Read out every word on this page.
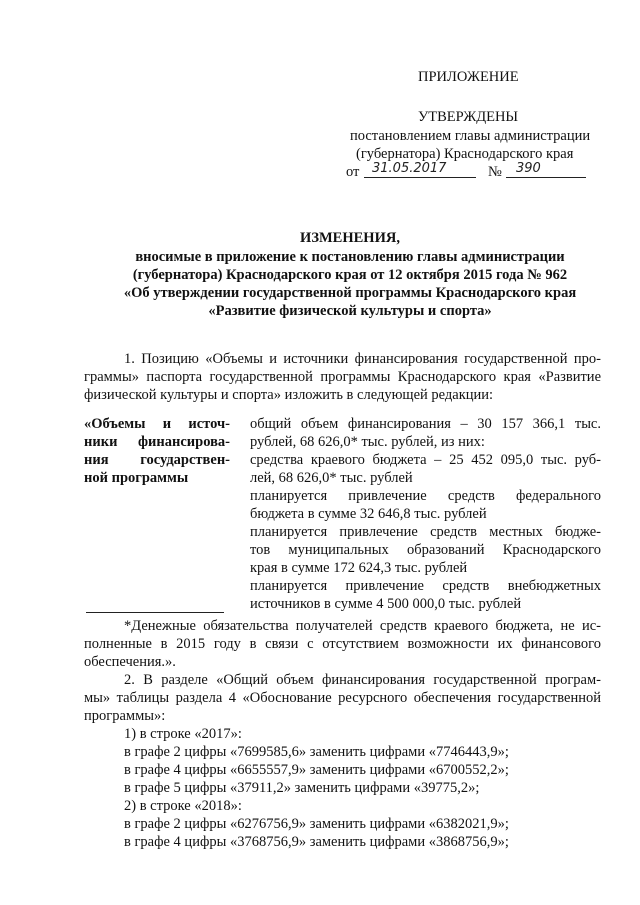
ПРИЛОЖЕНИЕ
УТВЕРЖДЕНЫ
постановлением главы администрации
(губернатора) Краснодарского края
от 31.05.2017	№ 390
ИЗМЕНЕНИЯ,
вносимые в приложение к постановлению главы администрации
(губернатора) Краснодарского края от 12 октября 2015 года № 962
«Об утверждении государственной программы Краснодарского края
«Развитие физической культуры и спорта»
1. Позицию «Объемы и источники финансирования государственной про-
граммы» паспорта государственной программы Краснодарского края «Развитие
физической культуры и спорта» изложить в следующей редакции:
«Объемы и источ-
ники финансирова-
ния государствен-
ной программы
общий объем финансирования – 30 157 366,1 тыс.
рублей, 68 626,0* тыс. рублей, из них:
средства краевого бюджета – 25 452 095,0 тыс. руб-
лей, 68 626,0* тыс. рублей
планируется привлечение средств федерального
бюджета в сумме 32 646,8 тыс. рублей
планируется привлечение средств местных бюдже-
тов муниципальных образований Краснодарского
края в сумме 172 624,3 тыс. рублей
планируется привлечение средств внебюджетных
источников в сумме 4 500 000,0 тыс. рублей
*Денежные обязательства получателей средств краевого бюджета, не ис-
полненные в 2015 году в связи с отсутствием возможности их финансового
обеспечения.».
2. В разделе «Общий объем финансирования государственной програм-
мы» таблицы раздела 4 «Обоснование ресурсного обеспечения государственной
программы»:
1) в строке «2017»:
в графе 2 цифры «7699585,6» заменить цифрами «7746443,9»;
в графе 4 цифры «6655557,9» заменить цифрами «6700552,2»;
в графе 5 цифры «37911,2» заменить цифрами «39775,2»;
2) в строке «2018»:
в графе 2 цифры «6276756,9» заменить цифрами «6382021,9»;
в графе 4 цифры «3768756,9» заменить цифрами «3868756,9»;
